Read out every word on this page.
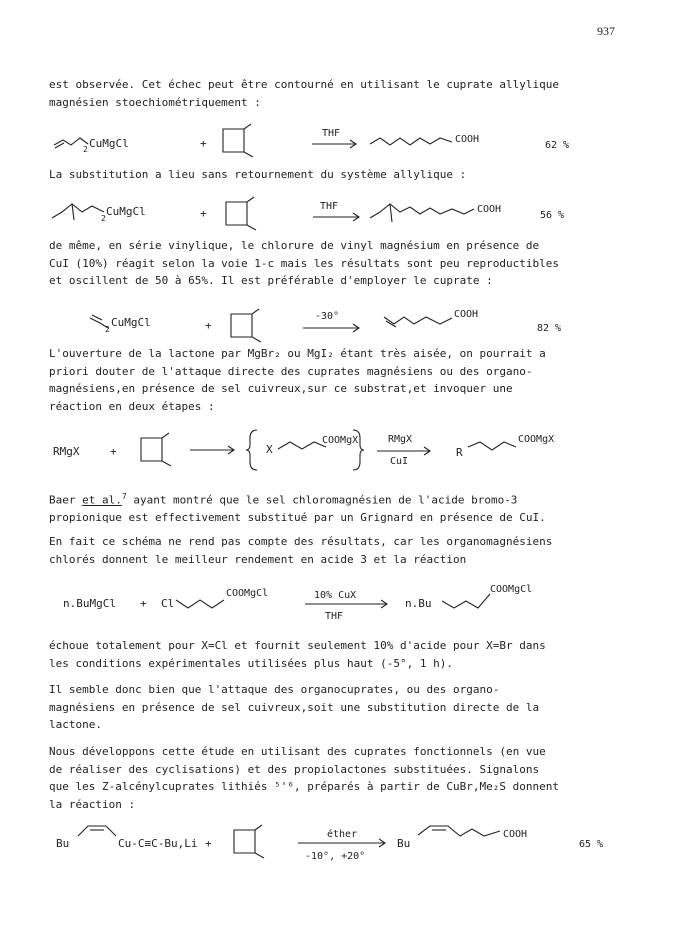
937
est observée. Cet échec peut être contourné en utilisant le cuprate allylique
magnésien stoechiométriquement :
CuMgCl
2	+
THF
COOH
62 %
La substitution a lieu sans retournement du système allylique :
CuMgCl
2	+
THF	COOH
56 %
de même, en série vinylique, le chlorure de vinyl magnésium en présence de
CuI (10%) réagit selon la voie 1-c mais les résultats sont peu reproductibles
et oscillent de 50 à 65%. Il est préférable d'employer le cuprate :
CuMgCl
2	+
-30°	COOH
82 %
L'ouverture de la lactone par MgBr₂ ou MgI₂ étant très aisée, on pourrait a
priori douter de l'attaque directe des cuprates magnésiens ou des organo-
magnésiens,en présence de sel cuivreux,sur ce substrat,et invoquer une
réaction en deux étapes :
RMgX	+	X
COOMgX	RMgX
CuI
R
COOMgX
Baer et al.$^7$ ayant montré que le sel chloromagnésien de l'acide bromo-3
propionique est effectivement substitué par un Grignard en présence de CuI.
En fait ce schéma ne rend pas compte des résultats, car les organomagnésiens
chlorés donnent le meilleur rendement en acide 3 et la réaction
n.BuMgCl + Cl
COOMgCl	10% CuX
THF
n.Bu
COOMgCl
échoue totalement pour X=Cl et fournit seulement 10% d'acide pour X=Br dans
les conditions expérimentales utilisées plus haut (-5°, 1 h).
Il semble donc bien que l'attaque des organocuprates, ou des organo-
magnésiens en présence de sel cuivreux,soit une substitution directe de la
lactone.
Nous développons cette étude en utilisant des cuprates fonctionnels (en vue
de réaliser des cyclisations) et des propiolactones substituées. Signalons
que les Z-alcénylcuprates lithiés ⁵'⁶, préparés à partir de CuBr,Me₂S donnent
la réaction :
Bu	Cu-C≡C-Bu,Li +
éther
-10°, +20°
Bu
COOH
65 %
